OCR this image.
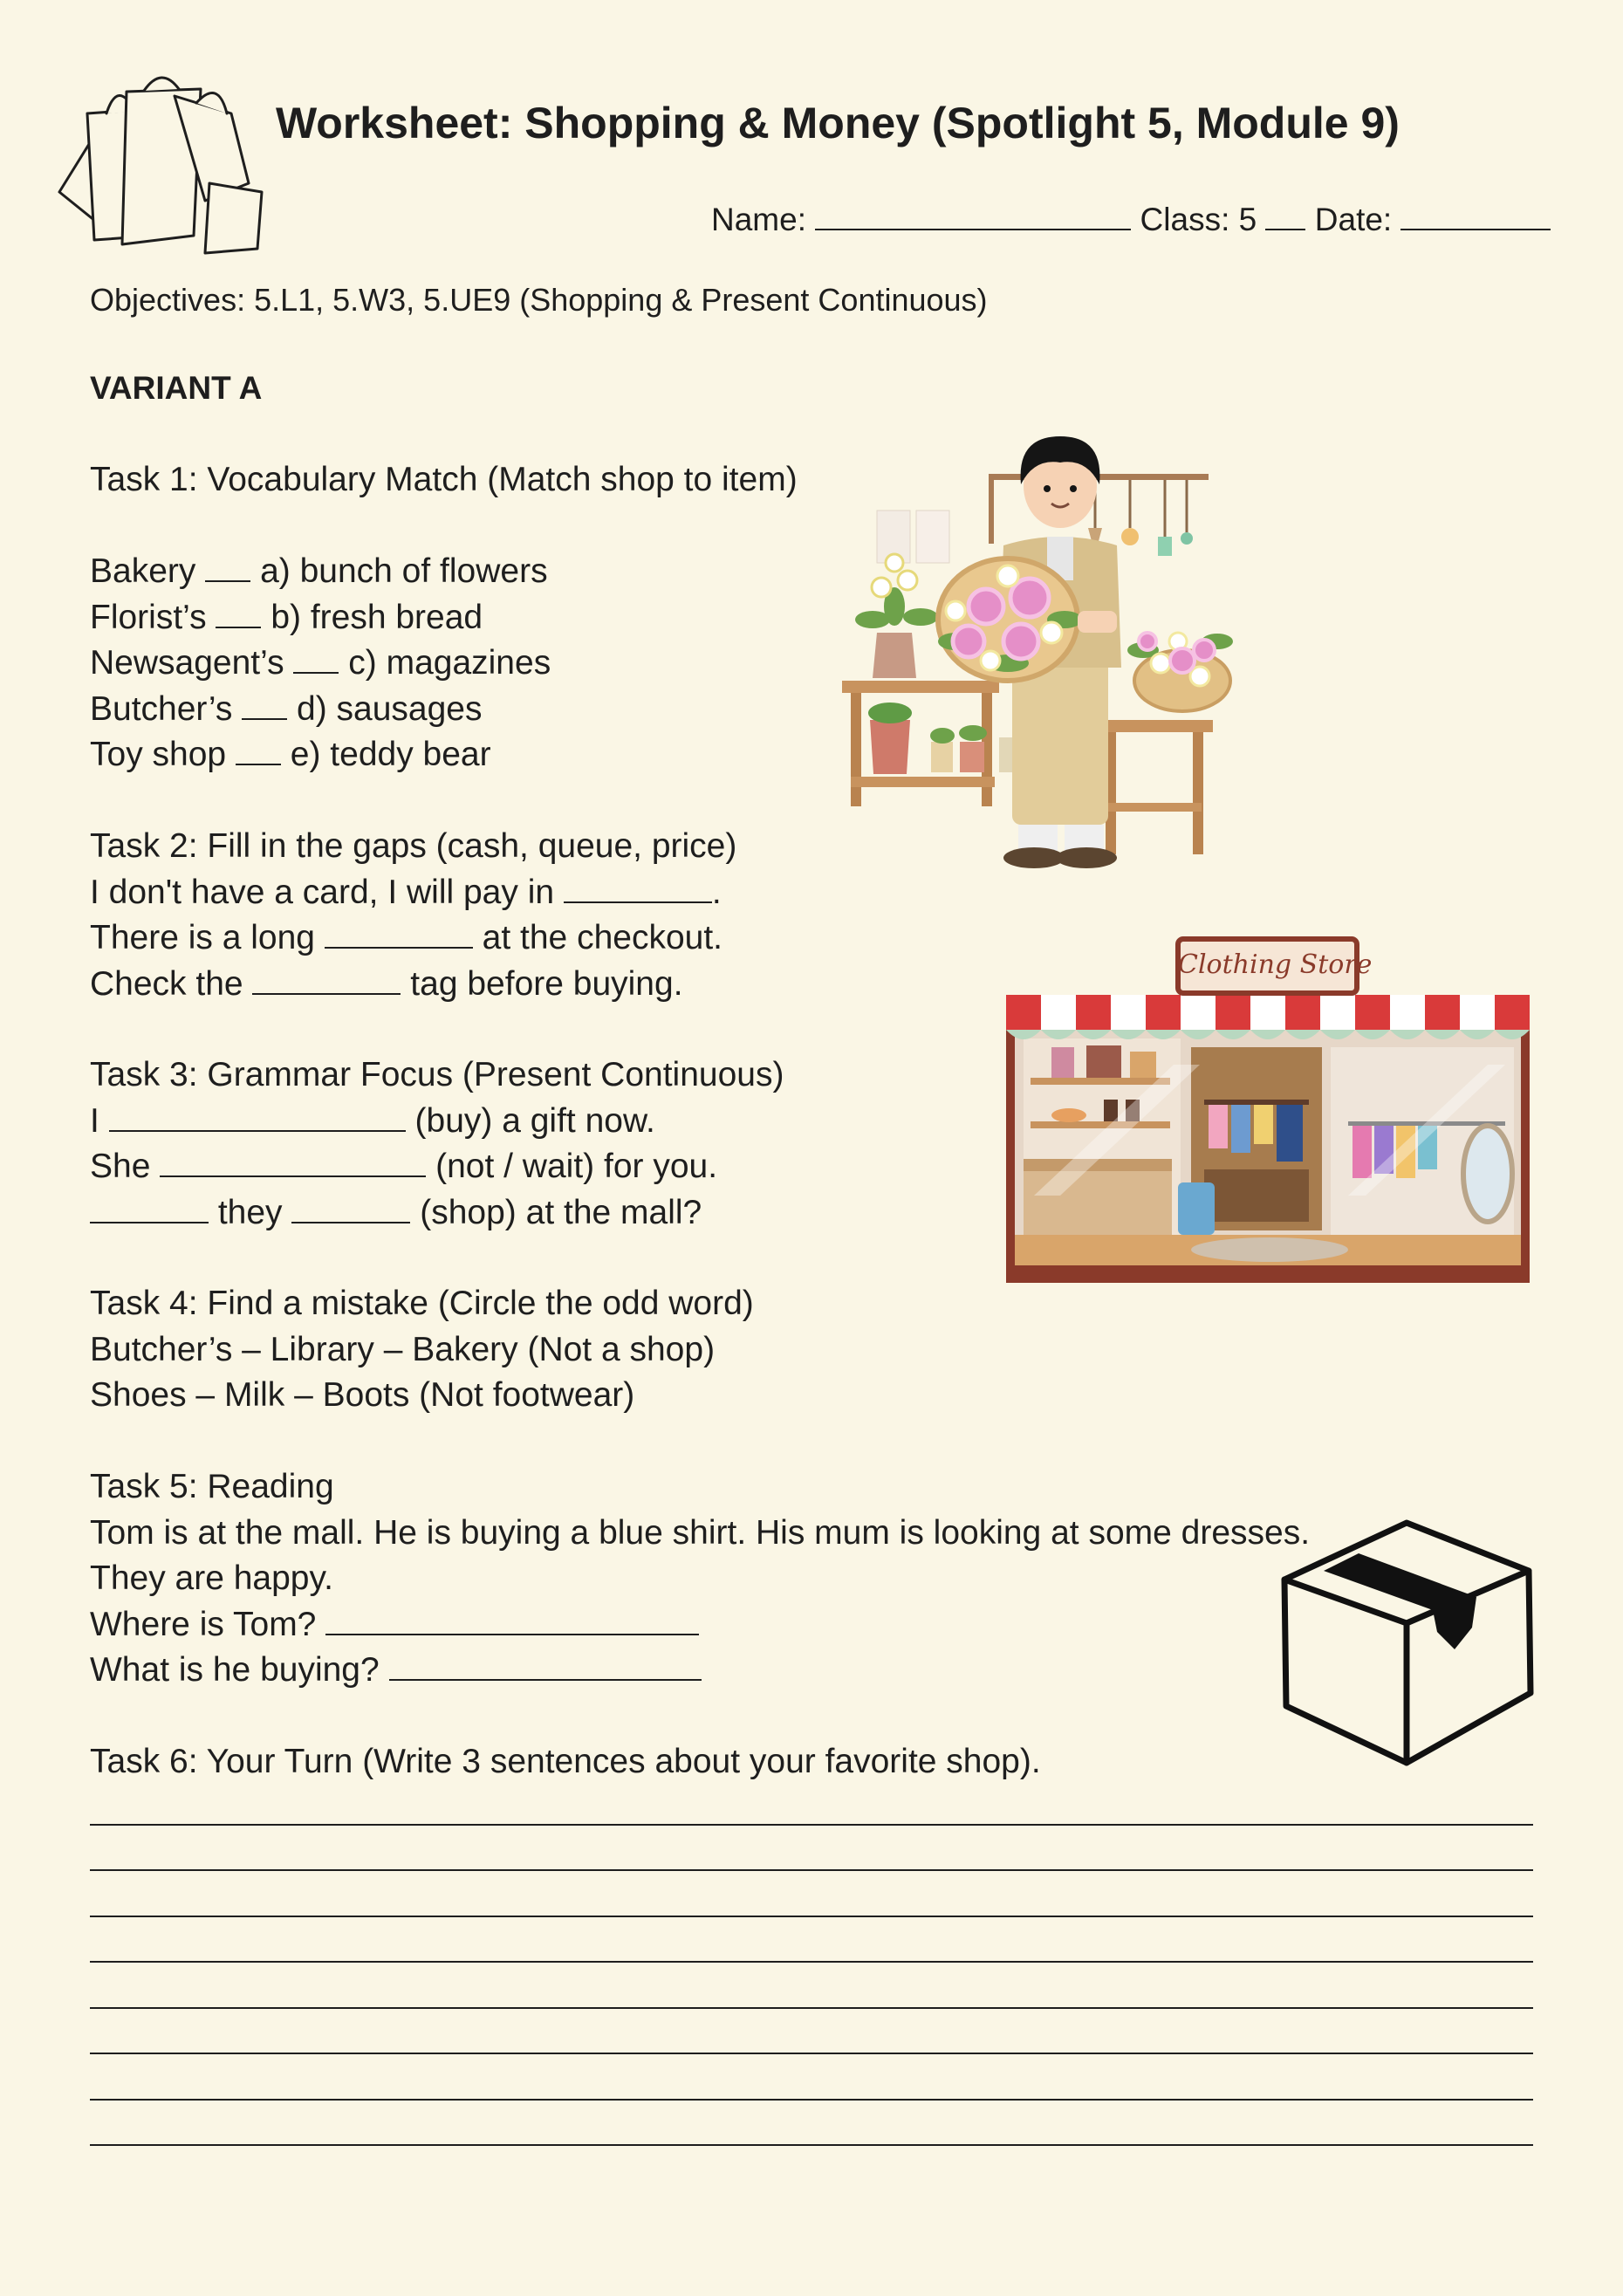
Worksheet: Shopping & Money (Spotlight 5, Module 9)
Name:	Class: 5 Date:
Objectives: 5.L1, 5.W3, 5.UE9 (Shopping & Present Continuous)
VARIANT A
Task 1: Vocabulary Match (Match shop to item)
Bakery a) bunch of flowers
Florist’s b) fresh bread
Newsagent’s c) magazines
Butcher’s d) sausages
Toy shop e) teddy bear
Task 2: Fill in the gaps (cash, queue, price)
I don't have a card, I will pay in	.
There is a long	at the checkout.
Check the	tag before buying.
Task 3: Grammar Focus (Present Continuous)
I	(buy) a gift now.
She	(not / wait) for you.
they	(shop) at the mall?
Task 4: Find a mistake (Circle the odd word)
Butcher’s – Library – Bakery (Not a shop)
Shoes – Milk – Boots (Not footwear)
Task 5: Reading
Tom is at the mall. He is buying a blue shirt. His mum is looking at some dresses.
They are happy.
Where is Tom?
What is he buying?
Task 6: Your Turn (Write 3 sentences about your favorite shop).
Clothing Store
